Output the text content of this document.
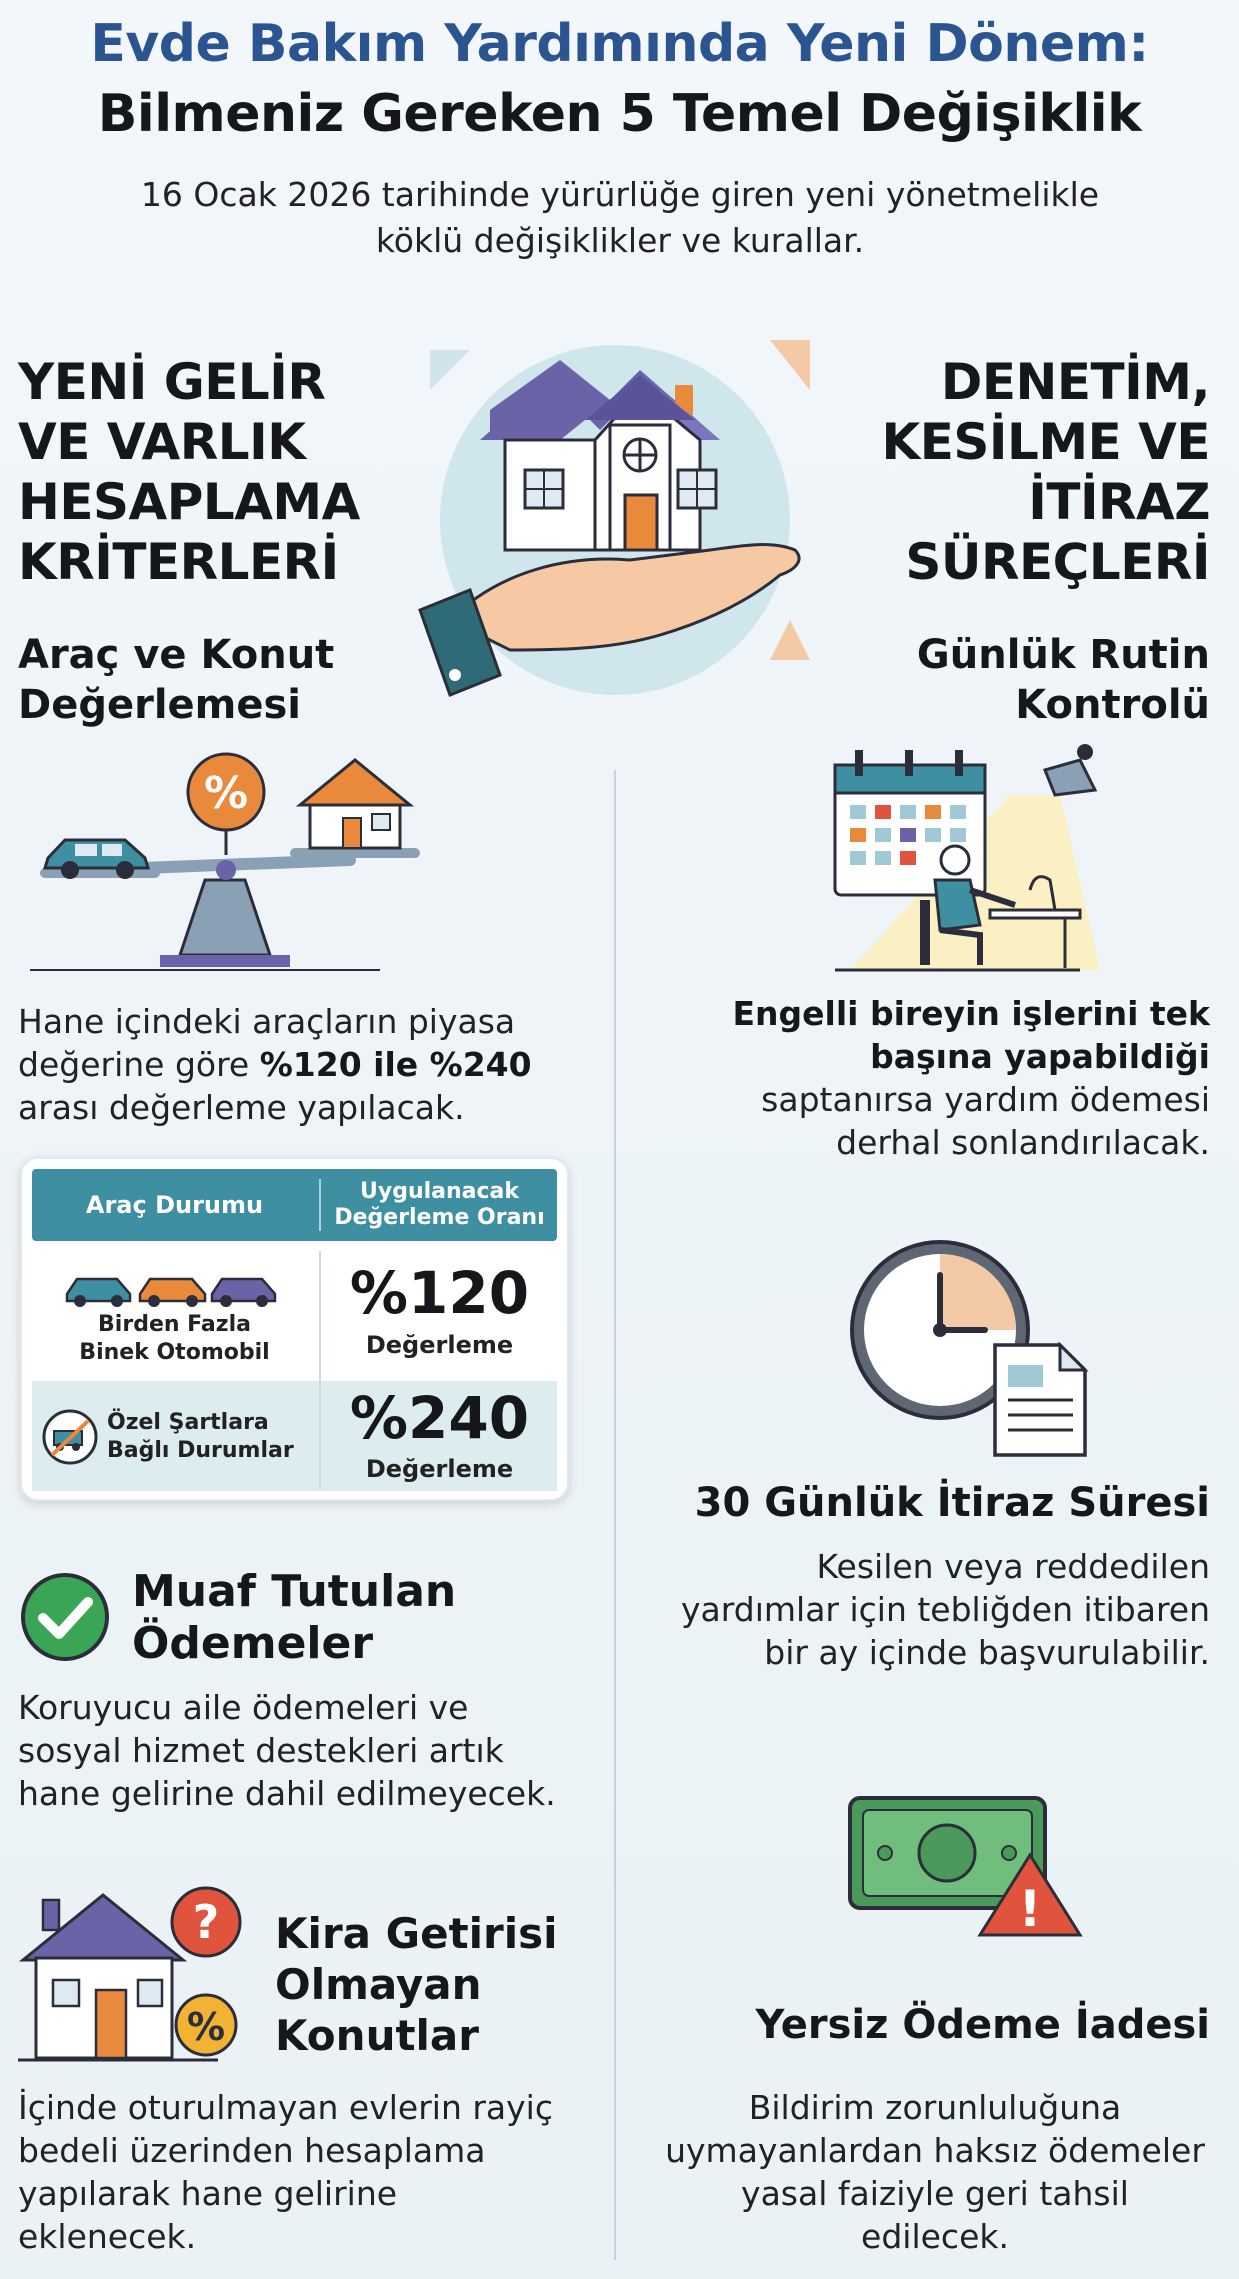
Evde Bakım Yardımında Yeni Dönem:
Bilmeniz Gereken 5 Temel Değişiklik
16 Ocak 2026 tarihinde yürürlüğe giren yeni yönetmelikle
köklü değişiklikler ve kurallar.
YENİ GELİR
VE VARLIK
HESAPLAMA
KRİTERLERİ
DENETİM,
KESİLME VE
İTİRAZ
SÜREÇLERİ
Araç ve Konut
Değerlemesi
%
Hane içindeki araçların piyasa değerine göre %120 ile %240 arası değerleme yapılacak.
Araç Durumu	Uygulanacak
Değerleme Oranı
Birden Fazla
Binek Otomobil
%120
Değerleme
Özel Şartlara
Bağlı Durumlar %240
Değerleme
Muaf Tutulan
Ödemeler
Koruyucu aile ödemeleri ve
sosyal hizmet destekleri artık
hane gelirine dahil edilmeyecek.
?
%
Kira Getirisi
Olmayan
Konutlar
İçinde oturulmayan evlerin rayiç
bedeli üzerinden hesaplama
yapılarak hane gelirine
eklenecek.
Günlük Rutin
Kontrolü
Engelli bireyin işlerini tek
başına yapabildiği
saptanırsa yardım ödemesi
derhal sonlandırılacak.
30 Günlük İtiraz Süresi
Kesilen veya reddedilen
yardımlar için tebliğden itibaren
bir ay içinde başvurulabilir.
!
Yersiz Ödeme İadesi
Bildirim zorunluluğuna
uymayanlardan haksız ödemeler
yasal faiziyle geri tahsil
edilecek.
